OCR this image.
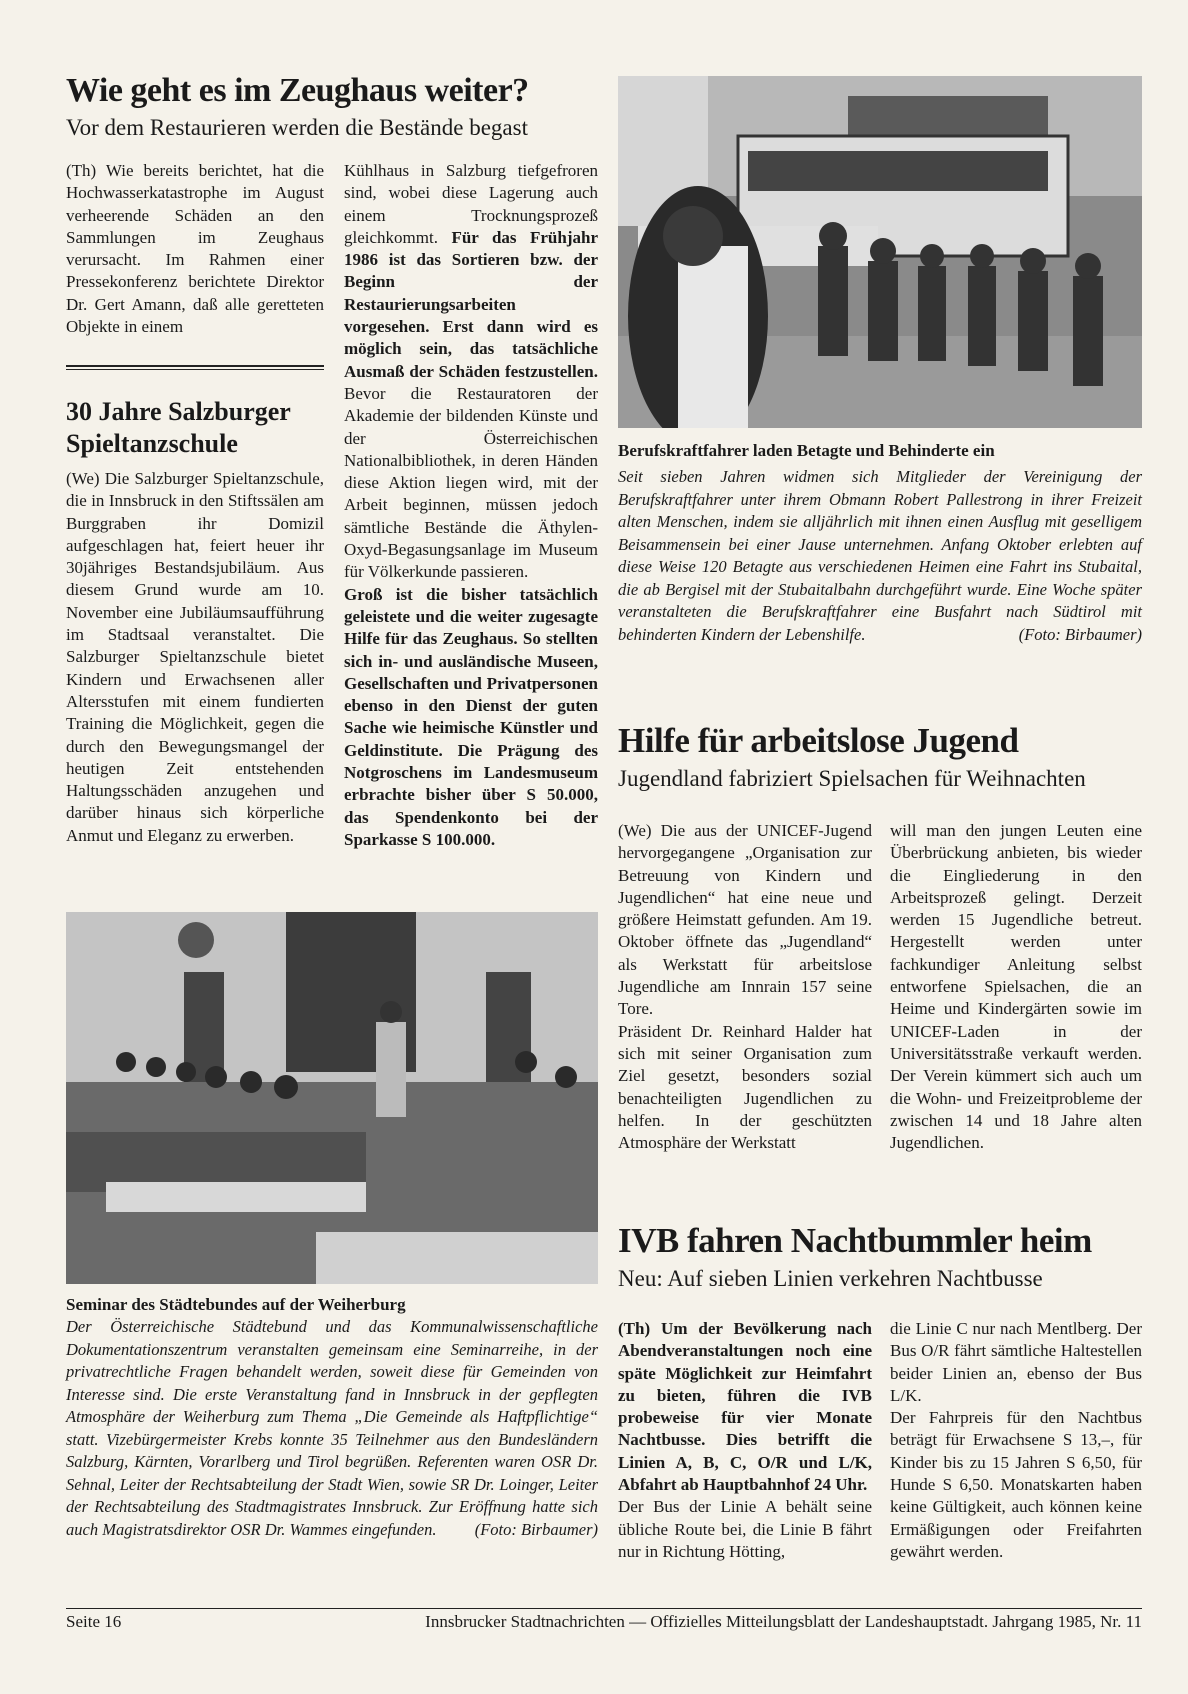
Wie geht es im Zeughaus weiter?
Vor dem Restaurieren werden die Bestände begast

(Th) Wie bereits berichtet, hat die Hochwasserkatastrophe im August verheerende Schäden an den Sammlungen im Zeughaus verursacht. Im Rahmen einer Pressekonferenz berichtete Direktor Dr. Gert Amann, daß alle geretteten Objekte in einem

Kühlhaus in Salzburg tiefgefroren sind, wobei diese Lagerung auch einem Trocknungsprozeß gleichkommt. Für das Frühjahr 1986 ist das Sortieren bzw. der Beginn der Restaurierungsarbeiten vorgesehen. Erst dann wird es möglich sein, das tatsächliche Ausmaß der Schäden festzustellen. Bevor die Restauratoren der Akademie der bildenden Künste und der Österreichischen Nationalbibliothek, in deren Händen diese Aktion liegen wird, mit der Arbeit beginnen, müssen jedoch sämtliche Bestände die Äthylen-Oxyd-Begasungsanlage im Museum für Völkerkunde passieren.

Groß ist die bisher tatsächlich geleistete und die weiter zugesagte Hilfe für das Zeughaus. So stellten sich in- und ausländische Museen, Gesellschaften und Privatpersonen ebenso in den Dienst der guten Sache wie heimische Künstler und Geldinstitute. Die Prägung des Notgroschens im Landesmuseum erbrachte bisher über S 50.000, das Spendenkonto bei der Sparkasse S 100.000.

30 Jahre Salzburger Spieltanzschule

(We) Die Salzburger Spieltanzschule, die in Innsbruck in den Stiftssälen am Burggraben ihr Domizil aufgeschlagen hat, feiert heuer ihr 30jähriges Bestandsjubiläum. Aus diesem Grund wurde am 10. November eine Jubiläumsaufführung im Stadtsaal veranstaltet. Die Salzburger Spieltanzschule bietet Kindern und Erwachsenen aller Altersstufen mit einem fundierten Training die Möglichkeit, gegen die durch den Bewegungsmangel der heutigen Zeit entstehenden Haltungsschäden anzugehen und darüber hinaus sich körperliche Anmut und Eleganz zu erwerben.

Berufskraftfahrer laden Betagte und Behinderte ein
Seit sieben Jahren widmen sich Mitglieder der Vereinigung der Berufskraftfahrer unter ihrem Obmann Robert Pallestrong in ihrer Freizeit alten Menschen, indem sie alljährlich mit ihnen einen Ausflug mit geselligem Beisammensein bei einer Jause unternehmen. Anfang Oktober erlebten auf diese Weise 120 Betagte aus verschiedenen Heimen eine Fahrt ins Stubaital, die ab Bergisel mit der Stubaitalbahn durchgeführt wurde. Eine Woche später veranstalteten die Berufskraftfahrer eine Busfahrt nach Südtirol mit behinderten Kindern der Lebenshilfe.	(Foto: Birbaumer)
Hilfe für arbeitslose Jugend
Jugendland fabriziert Spielsachen für Weihnachten

(We) Die aus der UNICEF-Jugend hervorgegangene „Organisation zur Betreuung von Kindern und Jugendlichen“ hat eine neue und größere Heimstatt gefunden. Am 19. Oktober öffnete das „Jugendland“ als Werkstatt für arbeitslose Jugendliche am Innrain 157 seine Tore.

Präsident Dr. Reinhard Halder hat sich mit seiner Organisation zum Ziel gesetzt, besonders sozial benachteiligten Jugendlichen zu helfen. In der geschützten Atmosphäre der Werkstatt

will man den jungen Leuten eine Überbrückung anbieten, bis wieder die Eingliederung in den Arbeitsprozeß gelingt. Derzeit werden 15 Jugendliche betreut. Hergestellt werden unter fachkundiger Anleitung selbst entworfene Spielsachen, die an Heime und Kindergärten sowie im UNICEF-Laden in der Universitätsstraße verkauft werden. Der Verein kümmert sich auch um die Wohn- und Freizeitprobleme der zwischen 14 und 18 Jahre alten Jugendlichen.

Seminar des Städtebundes auf der Weiherburg
Der Österreichische Städtebund und das Kommunalwissenschaftliche Dokumentationszentrum veranstalten gemeinsam eine Seminarreihe, in der privatrechtliche Fragen behandelt werden, soweit diese für Gemeinden von Interesse sind. Die erste Veranstaltung fand in Innsbruck in der gepflegten Atmosphäre der Weiherburg zum Thema „Die Gemeinde als Haftpflichtige“ statt. Vizebürgermeister Krebs konnte 35 Teilnehmer aus den Bundesländern Salzburg, Kärnten, Vorarlberg und Tirol begrüßen. Referenten waren OSR Dr. Sehnal, Leiter der Rechtsabteilung der Stadt Wien, sowie SR Dr. Loinger, Leiter der Rechtsabteilung des Stadtmagistrates Innsbruck. Zur Eröffnung hatte sich auch Magistratsdirektor OSR Dr. Wammes eingefunden. (Foto: Birbaumer)
IVB fahren Nachtbummler heim
Neu: Auf sieben Linien verkehren Nachtbusse

(Th) Um der Bevölkerung nach Abendveranstaltungen noch eine späte Möglichkeit zur Heimfahrt zu bieten, führen die IVB probeweise für vier Monate Nachtbusse. Dies betrifft die Linien A, B, C, O/R und L/K, Abfahrt ab Hauptbahnhof 24 Uhr.

Der Bus der Linie A behält seine übliche Route bei, die Linie B fährt nur in Richtung Hötting,

die Linie C nur nach Mentlberg. Der Bus O/R fährt sämtliche Haltestellen beider Linien an, ebenso der Bus L/K.

Der Fahrpreis für den Nachtbus beträgt für Erwachsene S 13,–, für Kinder bis zu 15 Jahren S 6,50, für Hunde S 6,50. Monatskarten haben keine Gültigkeit, auch können keine Ermäßigungen oder Freifahrten gewährt werden.

Seite 16	Innsbrucker Stadtnachrichten — Offizielles Mitteilungsblatt der Landeshauptstadt. Jahrgang 1985, Nr. 11
